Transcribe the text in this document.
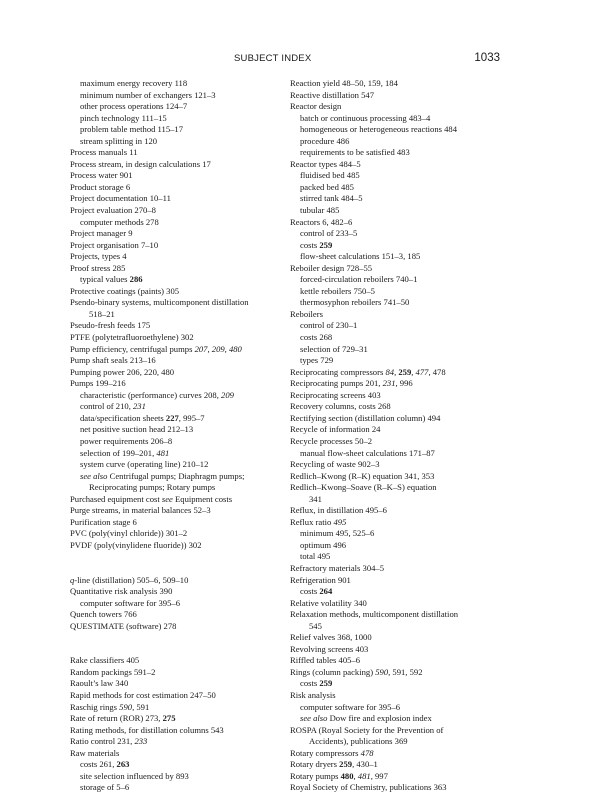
SUBJECT INDEX	1033
maximum energy recovery 118
minimum number of exchangers 121–3
other process operations 124–7
pinch technology 111–15
problem table method 115–17
stream splitting in 120
Process manuals 11
Process stream, in design calculations 17
Process water 901
Product storage 6
Project documentation 10–11
Project evaluation 270–8
computer methods 278
Project manager 9
Project organisation 7–10
Projects, types 4
Proof stress 285
typical values 286
Protective coatings (paints) 305
Psendo-binary systems, multicomponent distillation
518–21
Pseudo-fresh feeds 175
PTFE (polytetrafluoroethylene) 302
Pump efficiency, centrifugal pumps 207, 209, 480
Pump shaft seals 213–16
Pumping power 206, 220, 480
Pumps 199–216
characteristic (performance) curves 208, 209
control of 210, 231
data/specification sheets 227, 995–7
net positive suction head 212–13
power requirements 206–8
selection of 199–201, 481
system curve (operating line) 210–12
see also Centrifugal pumps; Diaphragm pumps;
Reciprocating pumps; Rotary pumps
Purchased equipment cost see Equipment costs
Purge streams, in material balances 52–3
Purification stage 6
PVC (poly(vinyl chloride)) 301–2
PVDF (poly(vinylidene fluoride)) 302
q-line (distillation) 505–6, 509–10
Quantitative risk analysis 390
computer software for 395–6
Quench towers 766
QUESTIMATE (software) 278
Rake classifiers 405
Random packings 591–2
Raoult’s law 340
Rapid methods for cost estimation 247–50
Raschig rings 590, 591
Rate of return (ROR) 273, 275
Rating methods, for distillation columns 543
Ratio control 231, 233
Raw materials
costs 261, 263
site selection influenced by 893
storage of 5–6
Reaction yield 48–50, 159, 184
Reactive distillation 547
Reactor design
batch or continuous processing 483–4
homogeneous or heterogeneous reactions 484
procedure 486
requirements to be satisfied 483
Reactor types 484–5
fluidised bed 485
packed bed 485
stirred tank 484–5
tubular 485
Reactors 6, 482–6
control of 233–5
costs 259
flow-sheet calculations 151–3, 185
Reboiler design 728–55
forced-circulation reboilers 740–1
kettle reboilers 750–5
thermosyphon reboilers 741–50
Reboilers
control of 230–1
costs 268
selection of 729–31
types 729
Reciprocating compressors 84, 259, 477, 478
Reciprocating pumps 201, 231, 996
Reciprocating screens 403
Recovery columns, costs 268
Rectifying section (distillation column) 494
Recycle of information 24
Recycle processes 50–2
manual flow-sheet calculations 171–87
Recycling of waste 902–3
Redlich–Kwong (R–K) equation 341, 353
Redlich–Kwong–Soave (R–K–S) equation
341
Reflux, in distillation 495–6
Reflux ratio 495
minimum 495, 525–6
optimum 496
total 495
Refractory materials 304–5
Refrigeration 901
costs 264
Relative volatility 340
Relaxation methods, multicomponent distillation
545
Relief valves 368, 1000
Revolving screens 403
Riffled tables 405–6
Rings (column packing) 590, 591, 592
costs 259
Risk analysis
computer software for 395–6
see also Dow fire and explosion index
ROSPA (Royal Society for the Prevention of
Accidents), publications 369
Rotary compressors 478
Rotary dryers 259, 430–1
Rotary pumps 480, 481, 997
Royal Society of Chemistry, publications 363
